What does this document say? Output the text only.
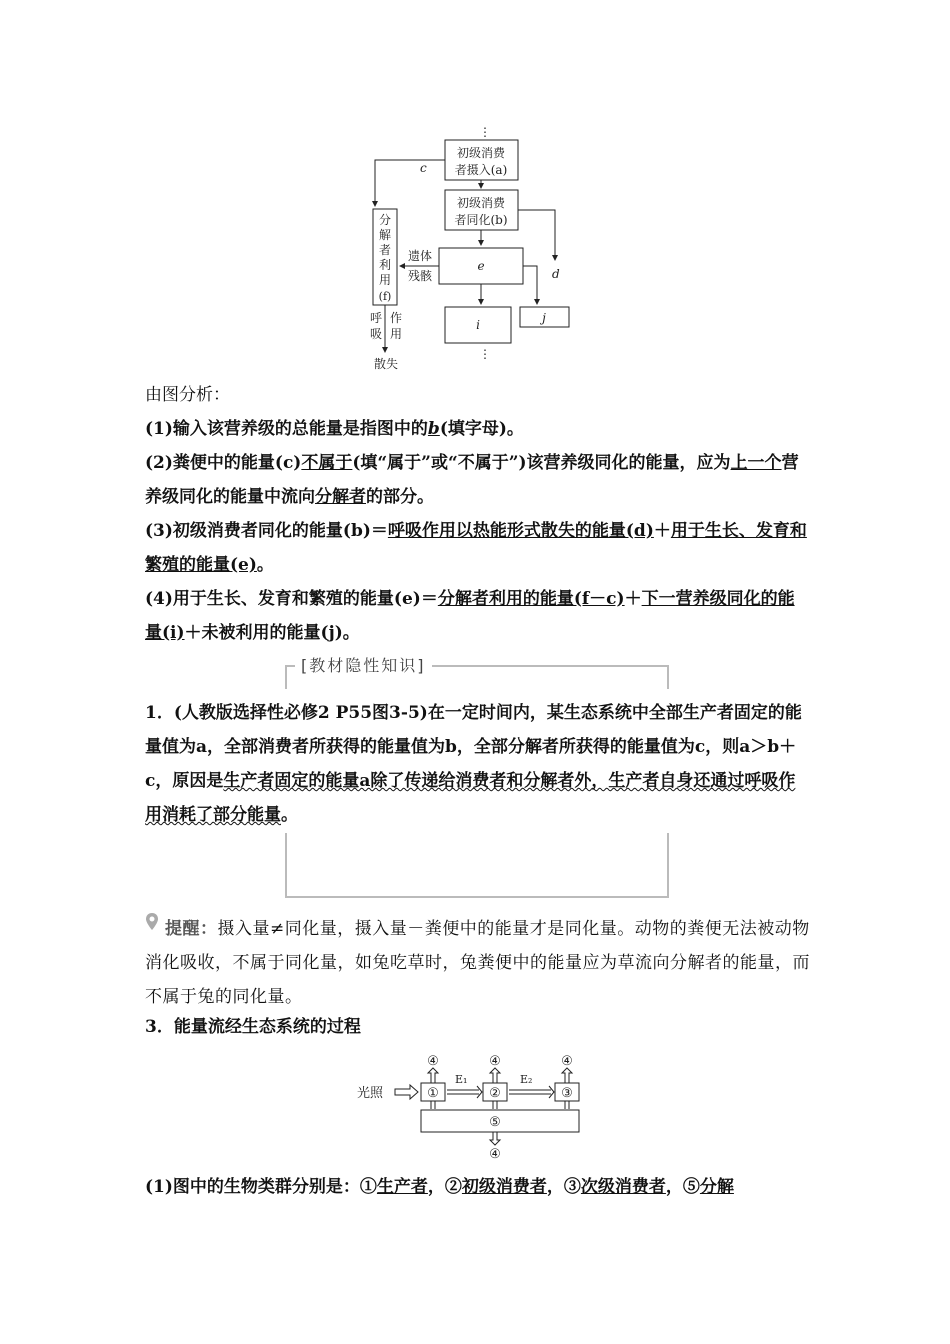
⋮
初级消费
者摄入(a)
初级消费
者同化(b)
e
i	j
c
d
遗体
残骸
分
解
者
利
用
(f)
呼
吸
作
用
散失
⋮
由图分析：
(1)输入该营养级的总能量是指图中的b(填字母)。
(2)粪便中的能量(c)不属于(填“属于”或“不属于”)该营养级同化的能量，应为上一个营养级同化的能量中流向分解者的部分。
(3)初级消费者同化的能量(b)＝呼吸作用以热能形式散失的能量(d)＋用于生长、发育和繁殖的能量(e)。
(4)用于生长、发育和繁殖的能量(e)＝分解者利用的能量(f－c)＋下一营养级同化的能量(i)＋未被利用的能量(j)。
[教材隐性知识]
1．(人教版选择性必修2 P55图3-5)在一定时间内，某生态系统中全部生产者固定的能量值为a，全部消费者所获得的能量值为b，全部分解者所获得的能量值为c，则a＞b＋c，原因是生产者固定的能量a除了传递给消费者和分解者外，生产者自身还通过呼吸作用消耗了部分能量。
提醒：摄入量≠同化量，摄入量－粪便中的能量才是同化量。动物的粪便无法被动物消化吸收，不属于同化量，如兔吃草时，兔粪便中的能量应为草流向分解者的能量，而不属于兔的同化量。
3．能量流经生态系统的过程
光照	①	②	③
④	④	④
⑤
④
E₁	E₂
(1)图中的生物类群分别是：①生产者，②初级消费者，③次级消费者，⑤分解
